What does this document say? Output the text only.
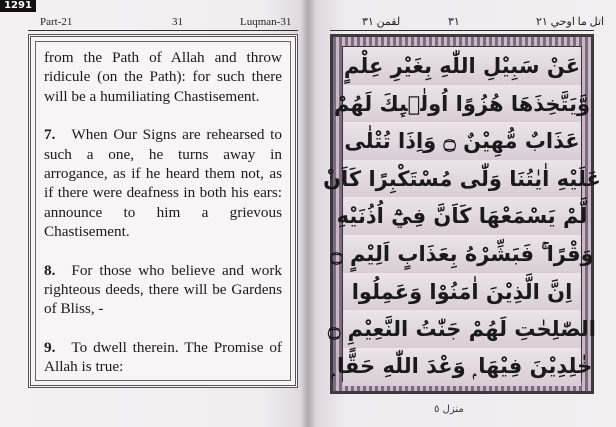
1291
Part-21	31	Luqman-31

from the Path of Allah and throw ridicule (on the Path): for such there will be a humiliating Chastisement.

7. When Our Signs are rehearsed to such a one, he turns away in arrogance, as if he heard them not, as if there were deafness in both his ears: announce to him a grievous Chastisement.

8. For those who believe and work righteous deeds, there will be Gardens of Bliss, -

9. To dwell therein. The Promise of Allah is true:

لقمن ٣١	٣١	اتل ما اوحي ٢١
عَنْ سَبِيْلِ اللّٰهِ بِغَيْرِ عِلْمٍ
وَّيَتَّخِذَهَا هُزُوًا اُولٰۗىِٕكَ لَهُمْ
عَذَابٌ مُّهِيْنٌ ۝ وَاِذَا تُتْلٰى
عَلَيْهِ اٰيٰتُنَا وَلّٰى مُسْتَكْبِرًا كَاَنْ
لَّمْ يَسْمَعْهَا كَاَنَّ فِيْٓ اُذُنَيْهِ
وَقْرًا ۚ فَبَشِّرْهُ بِعَذَابٍ اَلِيْمٍ ۝
اِنَّ الَّذِيْنَ اٰمَنُوْا وَعَمِلُوا
الصّٰلِحٰتِ لَهُمْ جَنّٰتُ النَّعِيْمِ ۝
خٰلِدِيْنَ فِيْهَا ۭ وَعْدَ اللّٰهِ حَقًّا ۭ
منزل ٥
